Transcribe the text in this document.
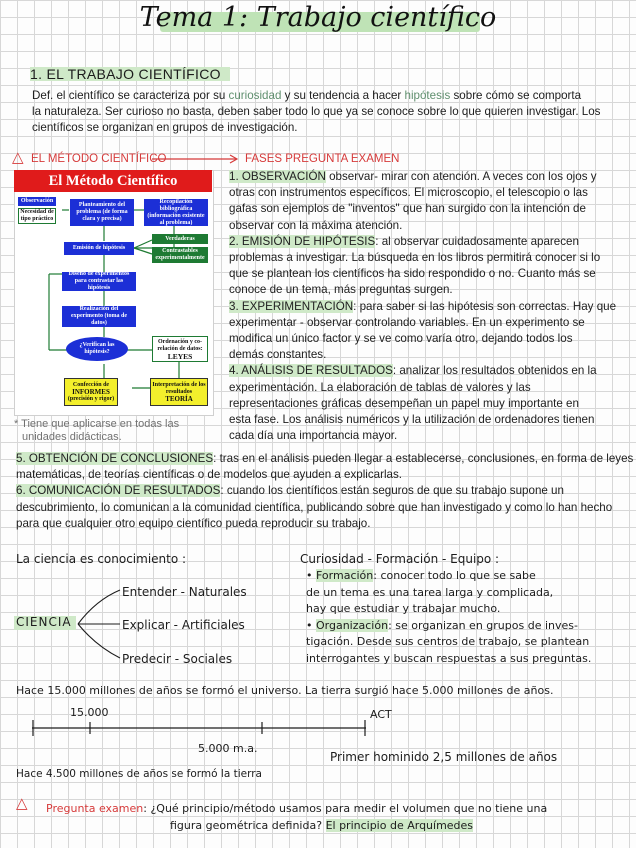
Tema 1: Trabajo científico
1. EL TRABAJO CIENTÍFICO
Def. el científico se caracteriza por su curiosidad y su tendencia a hacer hipótesis sobre cómo se comporta
la naturaleza. Ser curioso no basta, deben saber todo lo que ya se conoce sobre lo que quieren investigar. Los
científicos se organizan en grupos de investigación.
△ EL MÉTODO CIENTÍFICO	FASES PREGUNTA EXAMEN
El Método Científico
Observación
Necesidad de tipo práctico
Planteamiento del problema (de forma clara y precisa)
Recopilación bibliográfica (información existente al problema)
Emisión de hipótesis
Verdaderas
Contrastables experimentalmente
Diseño de experimentos para contrastar las hipótesis
Realización del experimento (toma de datos)
¿Verifican las hipótesis?
Ordenación y co- relación de datos:
LEYES
Confección de
INFORMES
(precisión y rigor)
Interpretación de los resultados
TEORÍA
* Tiene que aplicarse en todas las
unidades didácticas.
1. OBSERVACIÓN observar- mirar con atención. A veces con los ojos y
otras con instrumentos específicos. El microscopio, el telescopio o las
gafas son ejemplos de "inventos" que han surgido con la intención de
observar con la máxima atención.
2. EMISIÓN DE HIPÓTESIS: al observar cuidadosamente aparecen
problemas a investigar. La búsqueda en los libros permitirá conocer si lo
que se plantean los científicos ha sido respondido o no. Cuanto más se
conoce de un tema, más preguntas surgen.
3. EXPERIMENTACIÓN: para saber si las hipótesis son correctas. Hay que
experimentar - observar controlando variables. En un experimento se
modifica un único factor y se ve como varía otro, dejando todos los
demás constantes.
4. ANÁLISIS DE RESULTADOS: analizar los resultados obtenidos en la
experimentación. La elaboración de tablas de valores y las
representaciones gráficas desempeñan un papel muy importante en
esta fase. Los análisis numéricos y la utilización de ordenadores tienen
cada día una importancia mayor.
5. OBTENCIÓN DE CONCLUSIONES: tras en el análisis pueden llegar a establecerse, conclusiones, en forma de leyes
matemáticas, de teorías científicas o de modelos que ayuden a explicarlas.
6. COMUNICACIÓN DE RESULTADOS: cuando los científicos están seguros de que su trabajo supone un
descubrimiento, lo comunican a la comunidad científica, publicando sobre que han investigado y como lo han hecho
para que cualquier otro equipo científico pueda reproducir su trabajo.
La ciencia es conocimiento :
CIENCIA
Entender - Naturales
Explicar - Artificiales
Predecir - Sociales
Curiosidad - Formación - Equipo :
• Formación: conocer todo lo que se sabe
de un tema es una tarea larga y complicada,
hay que estudiar y trabajar mucho.
• Organización: se organizan en grupos de inves-
tigación. Desde sus centros de trabajo, se plantean
interrogantes y buscan respuestas a sus preguntas.
Hace 15.000 millones de años se formó el universo. La tierra surgió hace 5.000 millones de años.
15.000	ACT
5.000 m.a.
Primer hominido 2,5 millones de años
Hace 4.500 millones de años se formó la tierra
△ Pregunta examen: ¿Qué principio/método usamos para medir el volumen que no tiene una
figura geométrica definida? El principio de Arquímedes
